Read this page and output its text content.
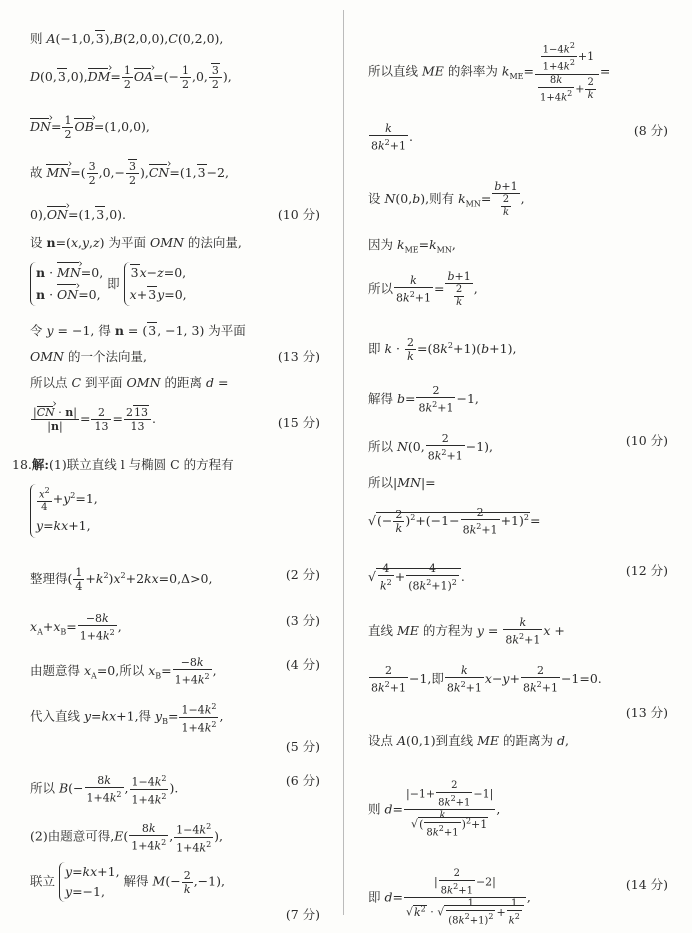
则 A(−1,0,3),B(2,0,0),C(0,2,0),
D(0,3,0),DM ›= $\frac{1}{2}$ OA ›=(− $\frac{1}{2} ,0$, $\frac{3}{2}$ ),
DN ›= $\frac{1}{2}$ OB ›=(1,0,0),
故 MN ›=( $\frac{3}{2} ,0,- \frac{3}{2} ),CN$ ›=(1,3−2,
0),ON ›=(1,3,0).	(10 分)
设 n=(x,y,z) 为平面 OMN 的法向量,
n · MN ›=0,
n · ON ›=0, 即 3x−z=0,
x+3y=0,
令 y = −1, 得 n = (3, −1, 3) 为平面
OMN 的一个法向量,	(13 分)
所以点 C 到平面 OMN 的距离 d =
$\frac{|CN › \cdot n|}{|n|} = \frac{2}{13} = \frac{213}{13}$ .	(15 分)
18.解:(1)联立直线 l 与椭圆 C 的方程有
$\frac{x^2}{4} +y^2=1$,
y=kx+1,
整理得( $\frac{1}{4} +k^2)x^2+2kx=0,\Delta>0$,	(2 分)
$x_A+x_B= \frac{-8k}{1+4k^2}$ ,	(3 分)
由题意得 $x_A=0$,所以 $x_B= \frac{-8k}{1+4k^2}$ ,	(4 分)
代入直线 y=kx+1,得 $y_B= \frac{1-4k^2}{1+4k^2}$ ,
(5 分)
所以 $B(- \frac{8k}{1+4k^2}$ , $\frac{1-4k^2}{1+4k^2}$ ).
(6 分)
(2)由题意可得$,E( \frac{8k}{1+4k^2}$ , $\frac{1-4k^2}{1+4k^2}$ ),
联立 y=kx+1,
y=−1, 解得 $M(- \frac{2}{k} ,-1)$,
(7 分)
所以直线 ME 的斜率为 $k_{ME}= \frac{\frac{1-4k^2}{1+4k^2} +1}{\frac{8k}{1+4k^2} + \frac{2}{k}}$ =
$\frac{k}{8k^2+1}$ .	(8 分)
设 N(0,b),则有 $k_{MN}= \frac{b+1}{\frac{2}{k}}$ ,
因为 $k_{ME}=k_{MN}$,
所以 $\frac{k}{8k^2+1} = \frac{b+1}{\frac{2}{k}}$ ,
即 $k \cdot \frac{2}{k} =(8k^2+1)(b+1)$,
解得 $b= \frac{2}{8k^2+1} -1$,
所以 N(0, $\frac{2}{8k^2+1} -1$),	(10 分)
所以|MN|=
√(− $\frac{2}{k} )^2+(-1- \frac{2}{8k^2+1} +1)^2=$
√ $\frac{4}{k^2} + \frac{4}{(8k^2+1)^2}$ .	(12 分)
直线 ME 的方程为 $y = \frac{k}{8k^2+1}$ x +
$\frac{2}{8k^2+1} -1$,即 $\frac{k}{8k^2+1} x-y+ \frac{2}{8k^2+1} -1=0$.
(13 分)
设点 A(0,1)到直线 ME 的距离为 d,
则 $d= \frac{|-1+ \frac{2}{8k^2+1} -1|}{√( \frac{k}{8k^2+1} )^2+1}$ ,
即 $d= \frac{| \frac{2}{8k^2+1} -2|}{√k^2 \cdot √ \frac{1}{(8k^2+1)^2} + \frac{1}{k^2}}$ ,
(14 分)
